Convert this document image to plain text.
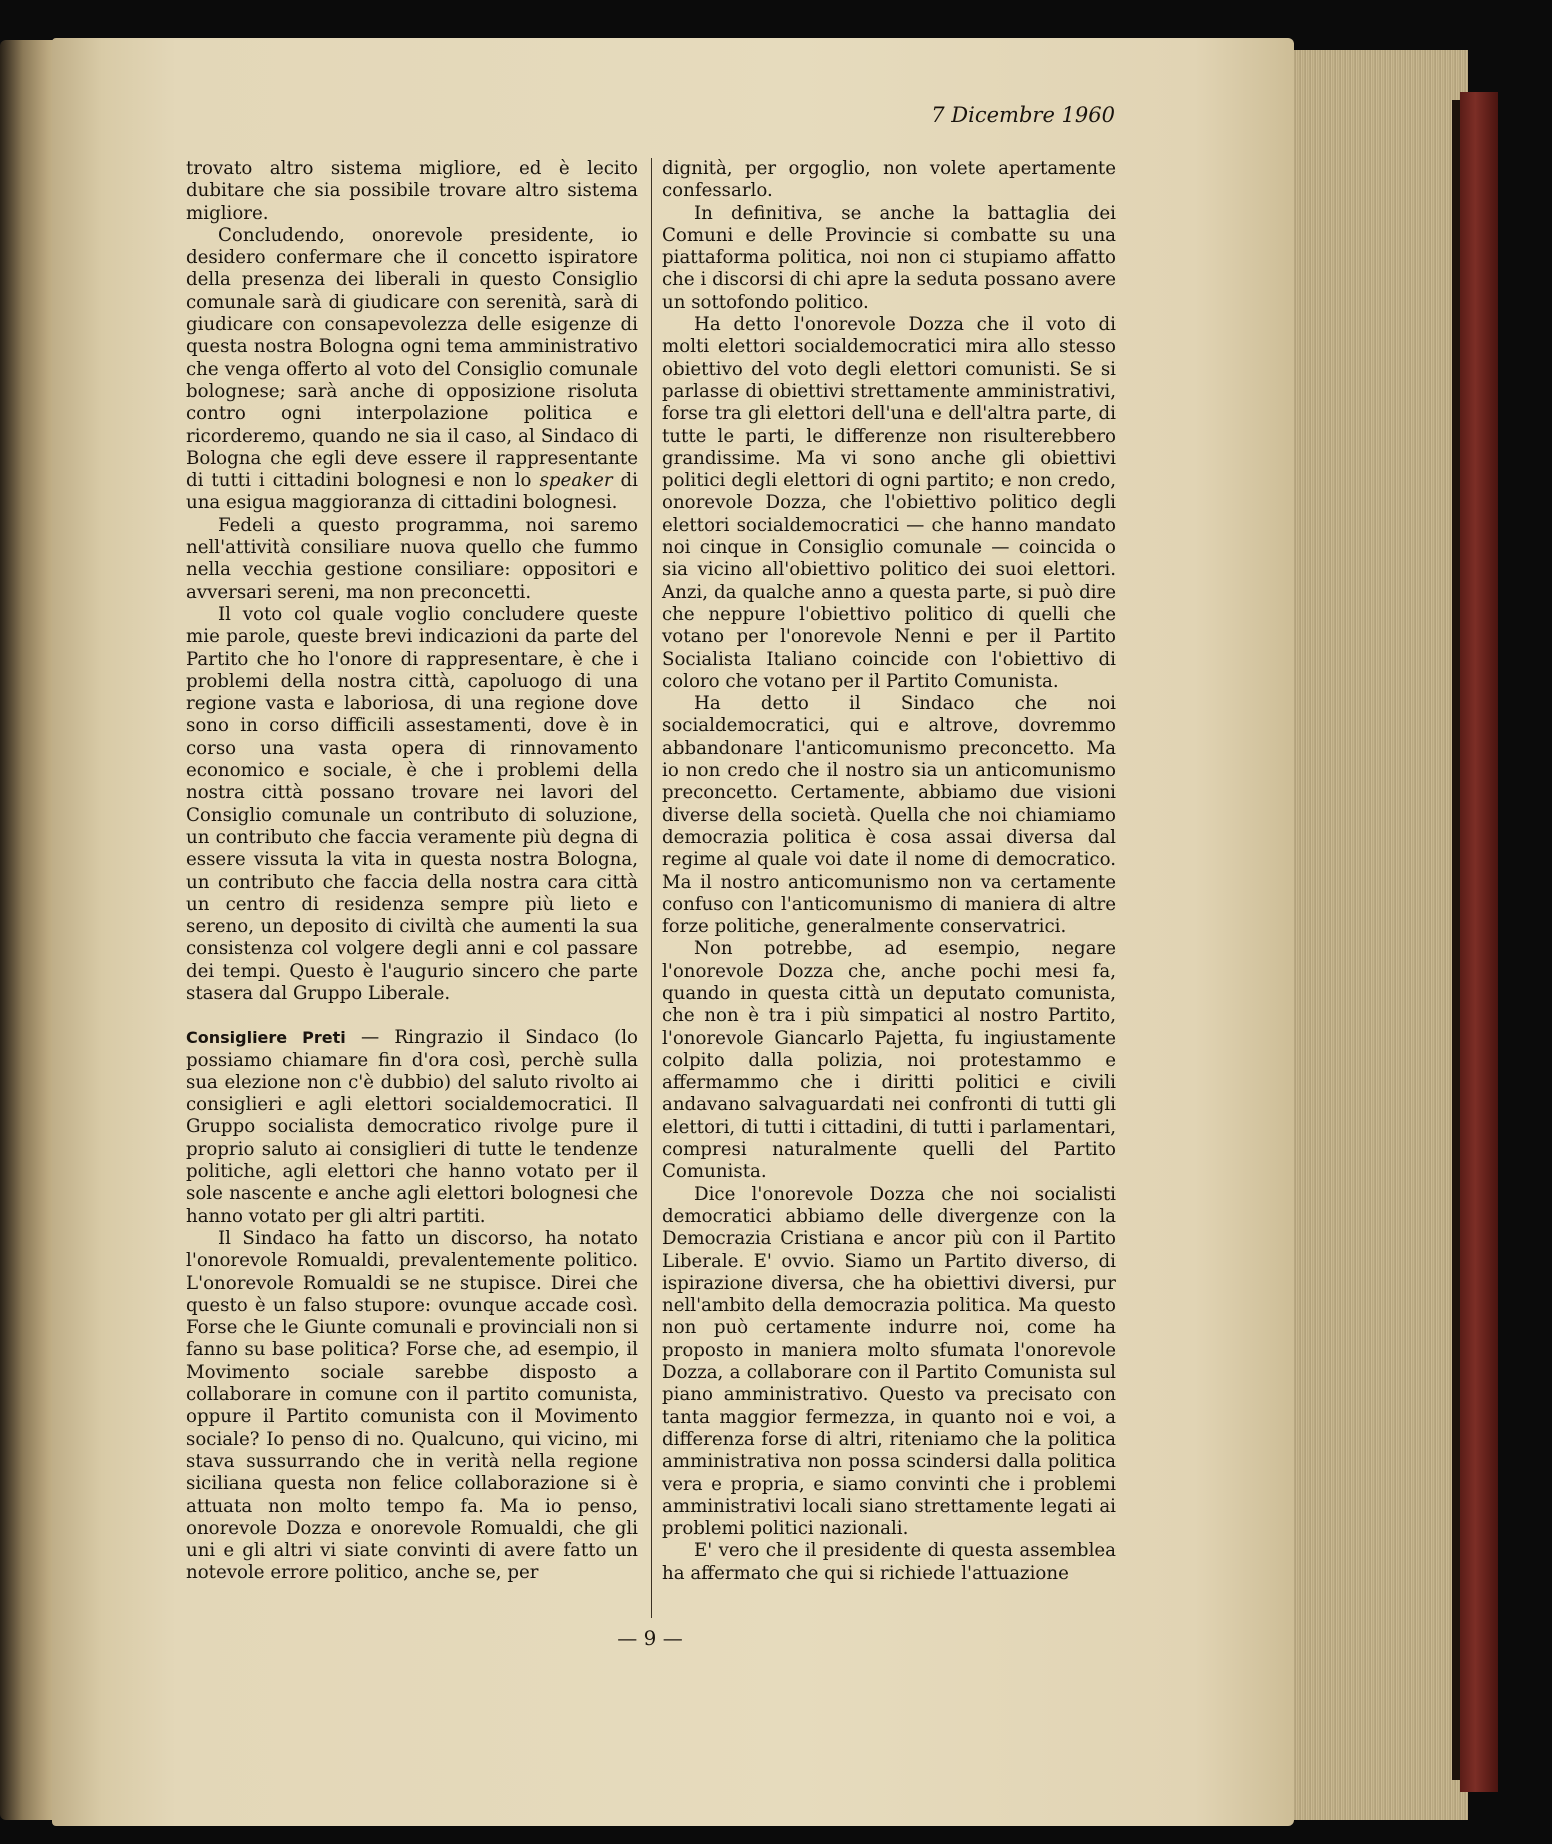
7 Dicembre 1960

trovato altro sistema migliore, ed è lecito dubitare che sia possibile trovare altro sistema migliore.

Concludendo, onorevole presidente, io desidero confermare che il concetto ispiratore della presenza dei liberali in questo Consiglio comunale sarà di giudicare con serenità, sarà di giudicare con consapevolezza delle esigenze di questa nostra Bologna ogni tema amministrativo che venga offerto al voto del Consiglio comunale bolognese; sarà anche di opposizione risoluta contro ogni interpolazione politica e ricorderemo, quando ne sia il caso, al Sindaco di Bologna che egli deve essere il rappresentante di tutti i cittadini bolognesi e non lo speaker di una esigua maggioranza di cittadini bolognesi.

Fedeli a questo programma, noi saremo nell'attività consiliare nuova quello che fummo nella vecchia gestione consiliare: oppositori e avversari sereni, ma non preconcetti.

Il voto col quale voglio concludere queste mie parole, queste brevi indicazioni da parte del Partito che ho l'onore di rappresentare, è che i problemi della nostra città, capoluogo di una regione vasta e laboriosa, di una regione dove sono in corso difficili assestamenti, dove è in corso una vasta opera di rinnovamento economico e sociale, è che i problemi della nostra città possano trovare nei lavori del Consiglio comunale un contributo di soluzione, un contributo che faccia veramente più degna di essere vissuta la vita in questa nostra Bologna, un contributo che faccia della nostra cara città un centro di residenza sempre più lieto e sereno, un deposito di civiltà che aumenti la sua consistenza col volgere degli anni e col passare dei tempi. Questo è l'augurio sincero che parte stasera dal Gruppo Liberale.

Consigliere Preti — Ringrazio il Sindaco (lo possiamo chiamare fin d'ora così, perchè sulla sua elezione non c'è dubbio) del saluto rivolto ai consiglieri e agli elettori socialdemocratici. Il Gruppo socialista democratico rivolge pure il proprio saluto ai consiglieri di tutte le tendenze politiche, agli elettori che hanno votato per il sole nascente e anche agli elettori bolognesi che hanno votato per gli altri partiti.

Il Sindaco ha fatto un discorso, ha notato l'onorevole Romualdi, prevalentemente politico. L'onorevole Romualdi se ne stupisce. Direi che questo è un falso stupore: ovunque accade così. Forse che le Giunte comunali e provinciali non si fanno su base politica? Forse che, ad esempio, il Movimento sociale sarebbe disposto a collaborare in comune con il partito comunista, oppure il Partito comunista con il Movimento sociale? Io penso di no. Qualcuno, qui vicino, mi stava sussurrando che in verità nella regione siciliana questa non felice collaborazione si è attuata non molto tempo fa. Ma io penso, onorevole Dozza e onorevole Romualdi, che gli uni e gli altri vi siate convinti di avere fatto un notevole errore politico, anche se, per

dignità, per orgoglio, non volete apertamente confessarlo.

In definitiva, se anche la battaglia dei Comuni e delle Provincie si combatte su una piattaforma politica, noi non ci stupiamo affatto che i discorsi di chi apre la seduta possano avere un sottofondo politico.

Ha detto l'onorevole Dozza che il voto di molti elettori socialdemocratici mira allo stesso obiettivo del voto degli elettori comunisti. Se si parlasse di obiettivi strettamente amministrativi, forse tra gli elettori dell'una e dell'altra parte, di tutte le parti, le differenze non risulterebbero grandissime. Ma vi sono anche gli obiettivi politici degli elettori di ogni partito; e non credo, onorevole Dozza, che l'obiettivo politico degli elettori socialdemocratici — che hanno mandato noi cinque in Consiglio comunale — coincida o sia vicino all'obiettivo politico dei suoi elettori. Anzi, da qualche anno a questa parte, si può dire che neppure l'obiettivo politico di quelli che votano per l'onorevole Nenni e per il Partito Socialista Italiano coincide con l'obiettivo di coloro che votano per il Partito Comunista.

Ha detto il Sindaco che noi socialdemocratici, qui e altrove, dovremmo abbandonare l'anticomunismo preconcetto. Ma io non credo che il nostro sia un anticomunismo preconcetto. Certamente, abbiamo due visioni diverse della società. Quella che noi chiamiamo democrazia politica è cosa assai diversa dal regime al quale voi date il nome di democratico. Ma il nostro anticomunismo non va certamente confuso con l'anticomunismo di maniera di altre forze politiche, generalmente conservatrici.

Non potrebbe, ad esempio, negare l'onorevole Dozza che, anche pochi mesi fa, quando in questa città un deputato comunista, che non è tra i più simpatici al nostro Partito, l'onorevole Giancarlo Pajetta, fu ingiustamente colpito dalla polizia, noi protestammo e affermammo che i diritti politici e civili andavano salvaguardati nei confronti di tutti gli elettori, di tutti i cittadini, di tutti i parlamentari, compresi naturalmente quelli del Partito Comunista.

Dice l'onorevole Dozza che noi socialisti democratici abbiamo delle divergenze con la Democrazia Cristiana e ancor più con il Partito Liberale. E' ovvio. Siamo un Partito diverso, di ispirazione diversa, che ha obiettivi diversi, pur nell'ambito della democrazia politica. Ma questo non può certamente indurre noi, come ha proposto in maniera molto sfumata l'onorevole Dozza, a collaborare con il Partito Comunista sul piano amministrativo. Questo va precisato con tanta maggior fermezza, in quanto noi e voi, a differenza forse di altri, riteniamo che la politica amministrativa non possa scindersi dalla politica vera e propria, e siamo convinti che i problemi amministrativi locali siano strettamente legati ai problemi politici nazionali.

E' vero che il presidente di questa assemblea ha affermato che qui si richiede l'attuazione

— 9 —
